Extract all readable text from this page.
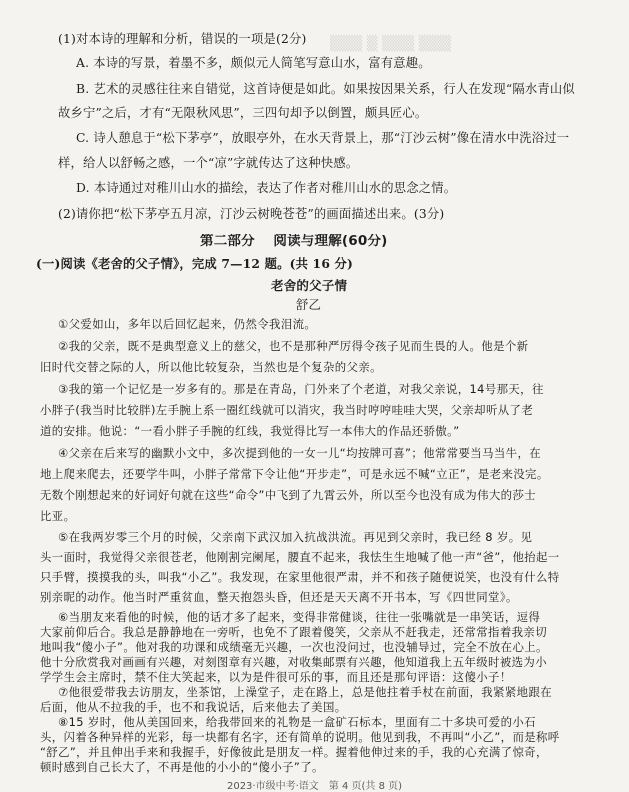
▒▒▒ ▒ ▒▒▒ ▒▒▒
(1)对本诗的理解和分析，错误的一项是(2分)
A. 本诗的写景，着墨不多，颇似元人简笔写意山水，富有意趣。
B. 艺术的灵感往往来自错觉，这首诗便是如此。如果按因果关系，行人在发现“隔水青山似
故乡宁”之后，才有“无限秋风思”，三四句却予以倒置，颇具匠心。
C. 诗人憩息于“松下茅亭”，放眼亭外，在水天背景上，那“汀沙云树”像在清水中洗浴过一
样，给人以舒畅之感，一个“凉”字就传达了这种快感。
D. 本诗通过对稚川山水的描绘，表达了作者对稚川山水的思念之情。
(2)请你把“松下茅亭五月凉，汀沙云树晚苍苍”的画面描述出来。(3分)
第二部分　 阅读与理解(60分)
(一)阅读《老舍的父子情》，完成 7—12 题。(共 16 分)
老舍的父子情
舒乙
①父爱如山，多年以后回忆起来，仍然令我泪流。
②我的父亲，既不是典型意义上的慈父，也不是那种严厉得令孩子见而生畏的人。他是个新
旧时代交替之际的人，所以他比较复杂，当然也是个复杂的父亲。
③我的第一个记忆是一岁多有的。那是在青岛，门外来了个老道，对我父亲说，14号那天，往
小胖子(我当时比较胖)左手腕上系一圈红线就可以消灾，我当时哼哼哇哇大哭，父亲却听从了老
道的安排。他说：“一看小胖子手腕的红线，我觉得比写一本伟大的作品还骄傲。”
④父亲在后来写的幽默小文中，多次提到他的一女一儿“均按牌可喜”；他常常要当马当牛，在
地上爬来爬去，还要学牛叫，小胖子常常下令让他“开步走”，可是永远不喊“立正”，是老来没完。
无数个刚想起来的好词好句就在这些“命令”中飞到了九霄云外，所以至今也没有成为伟大的莎士
比亚。
⑤在我两岁零三个月的时候，父亲南下武汉加入抗战洪流。再见到父亲时，我已经 8 岁。见
头一面时，我觉得父亲很苍老，他刚割完阑尾，腰直不起来，我怯生生地喊了他一声“爸”，他抬起一
只手臂，摸摸我的头，叫我“小乙”。我发现，在家里他很严肃，并不和孩子随便说笑，也没有什么特
别亲昵的动作。他当时严重贫血，整天抱怨头昏，但还是天天离不开书本，写《四世同堂》。
⑥当朋友来看他的时候，他的话才多了起来，变得非常健谈，往往一张嘴就是一串笑话，逗得
大家前仰后合。我总是静静地在一旁听，也免不了跟着傻笑，父亲从不赶我走，还常常指着我亲切
地叫我“傻小子”。他对我的功课和成绩毫无兴趣，一次也没问过，也没辅导过，完全不放在心上。
他十分欣赏我对画画有兴趣，对刻图章有兴趣，对收集邮票有兴趣，他知道我上五年级时被选为小
学学生会主席时，禁不住大笑起来，以为是件很可乐的事，而且还是那句评语：这傻小子！
⑦他很爱带我去访朋友，坐茶馆，上澡堂子，走在路上，总是他拄着手杖在前面，我紧紧地跟在
后面，他从不拉我的手，也不和我说话，后来他去了美国。
⑧15 岁时，他从美国回来，给我带回来的礼物是一盒矿石标本，里面有二十多块可爱的小石
头，闪着各种异样的光彩，每一块都有名字，还有简单的说明。他见到我，不再叫“小乙”，而是称呼
“舒乙”，并且伸出手来和我握手，好像彼此是朋友一样。握着他伸过来的手，我的心充满了惊奇，
顿时感到自己长大了，不再是他的小小的“傻小子”了。
2023·市级中考·语文　第 4 页(共 8 页)
